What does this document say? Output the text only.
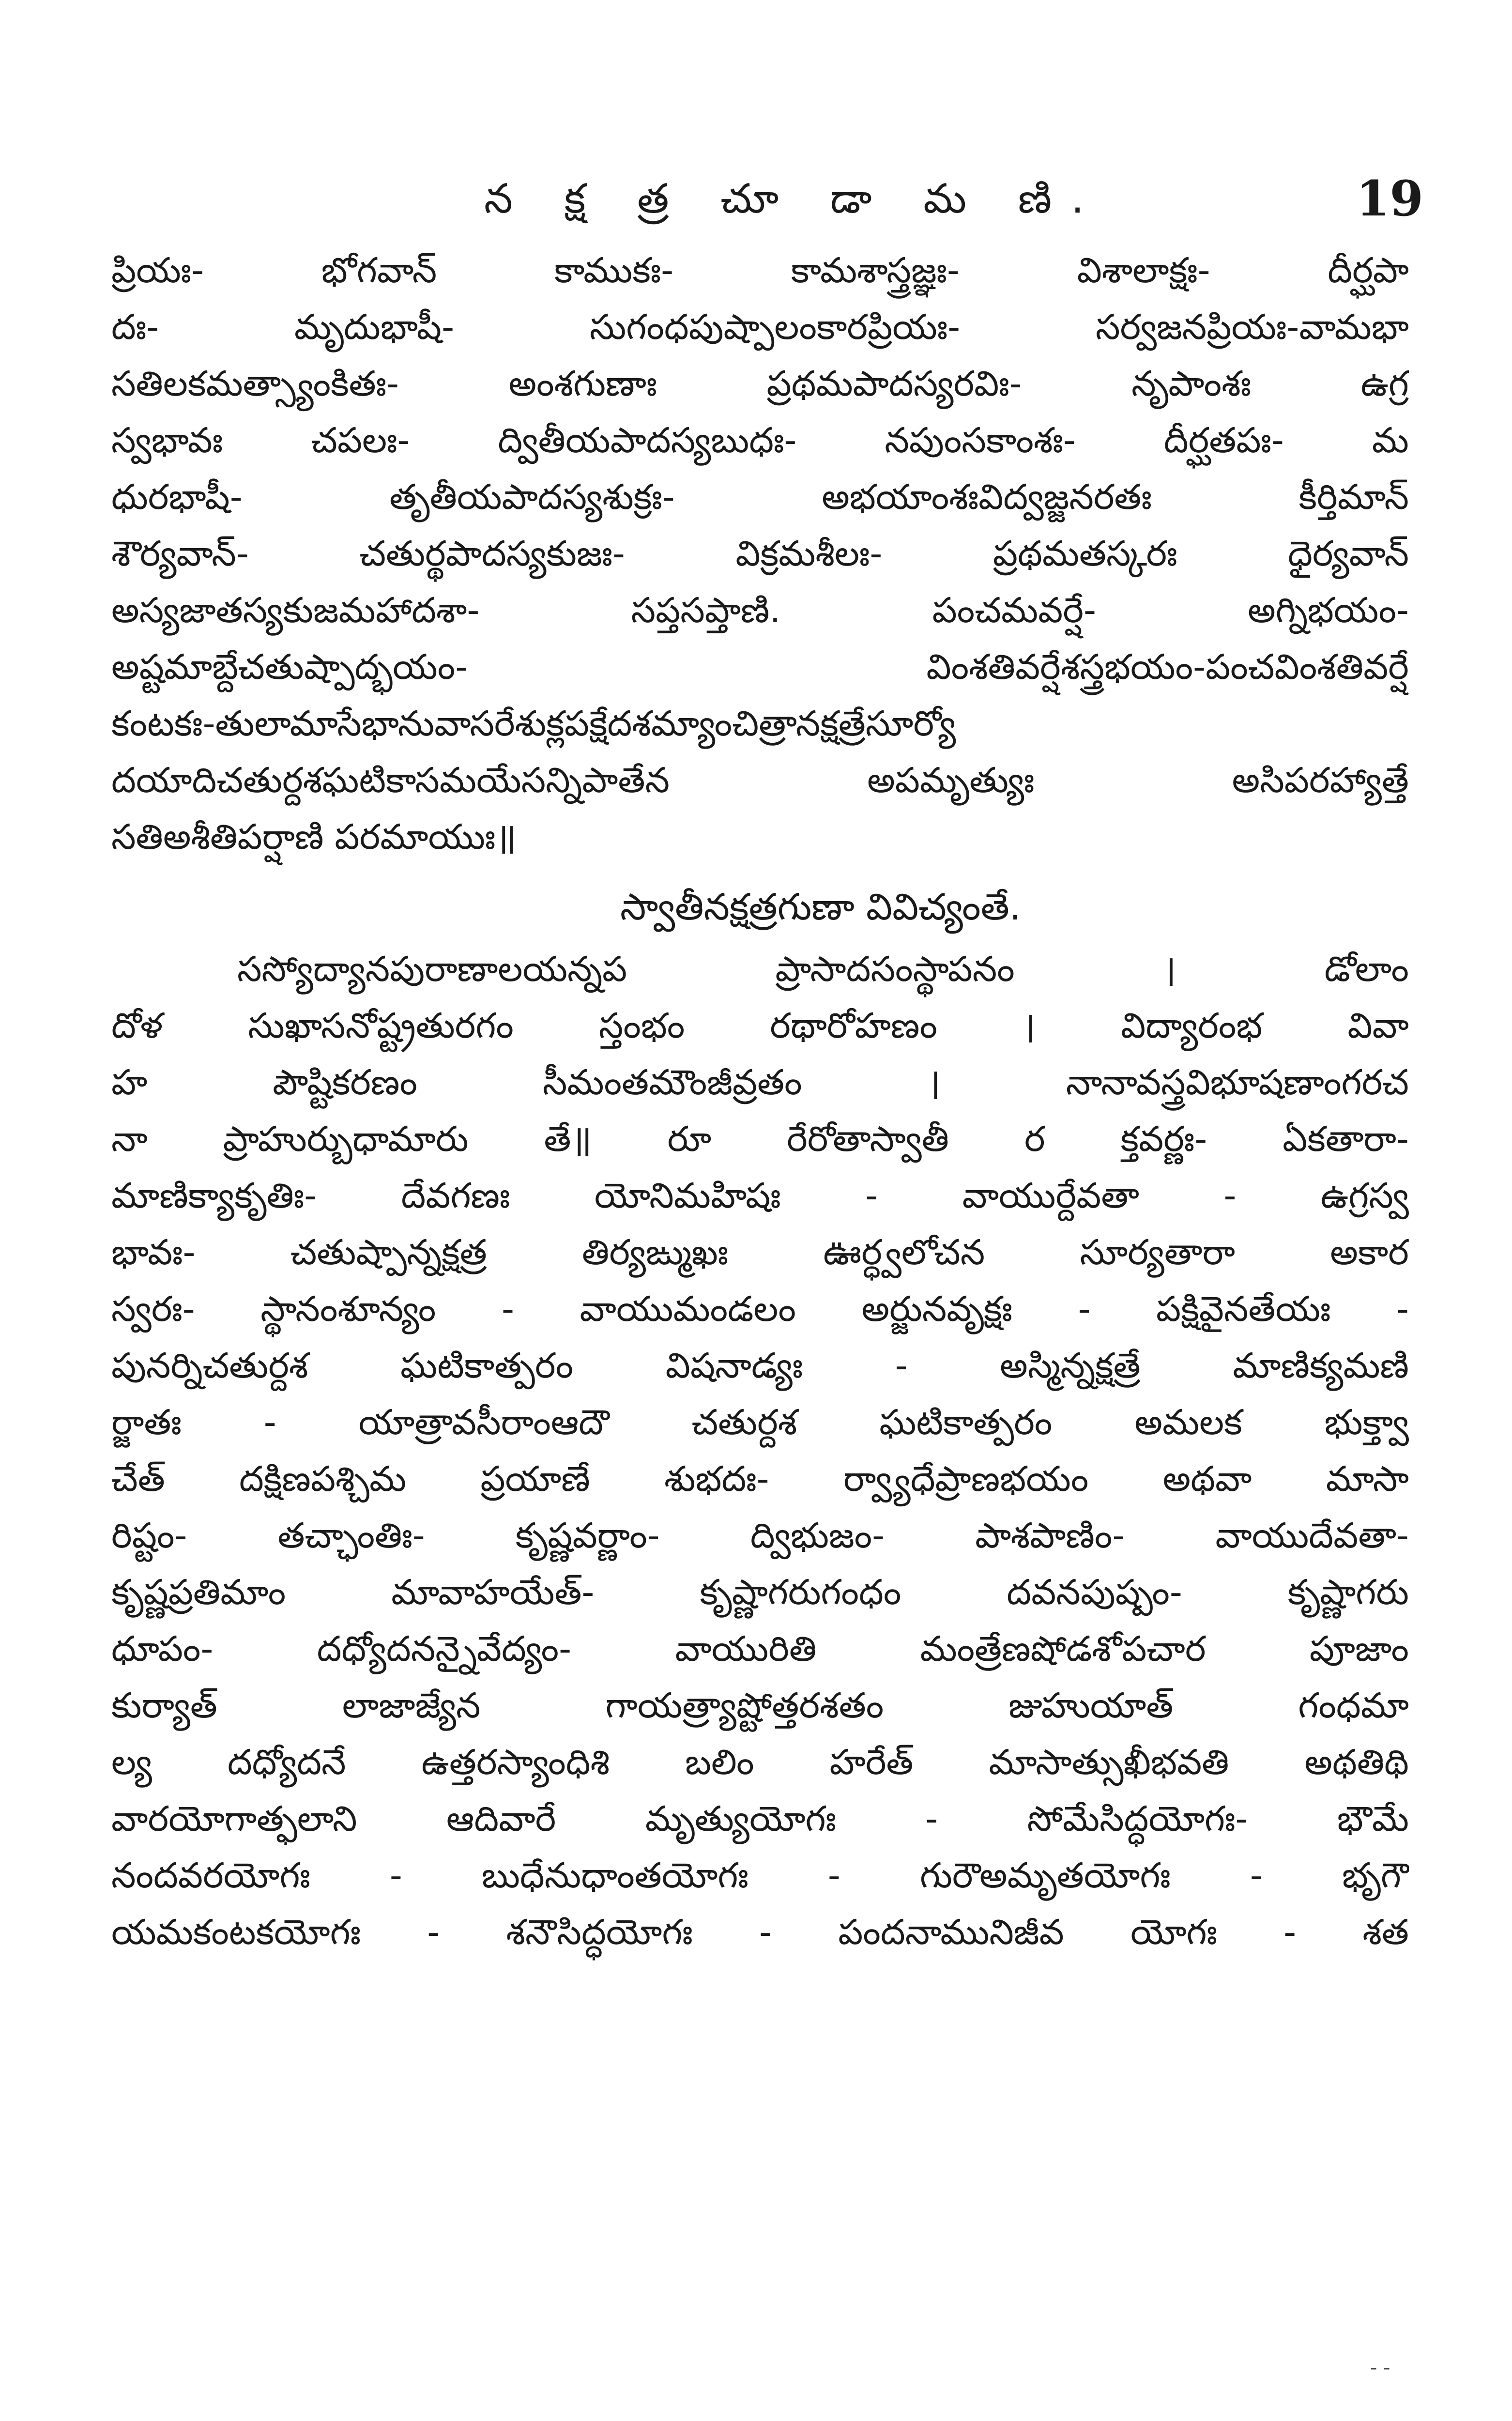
న క్ష త్ర చూ డా మ ణి.	19
ప్రియః- భోగవాన్ కాముకః- కామశాస్త్రజ్ఞః- విశాలాక్షః- దీర్ఘపా
దః- మృదుభాషీ- సుగంధపుష్పాలంకారప్రియః- సర్వజనప్రియః-వామభా
సతిలకమత్స్యాంకితః- అంశగుణాః ప్రథమపాదస్యరవిః- నృపాంశః ఉగ్ర
స్వభావః చపలః- ద్వితీయపాదస్యబుధః- నపుంసకాంశః- దీర్ఘతపః- మ
ధురభాషీ- తృతీయపాదస్యశుక్రః- అభయాంశఃవిద్వజ్జనరతః కీర్తిమాన్
శౌర్యవాన్- చతుర్థపాదస్యకుజః- విక్రమశీలః- ప్రథమతస్కరః ధైర్యవాన్
అస్యజాతస్యకుజమహాదశా- సప్తసప్తాణి. పంచమవర్షే- అగ్నిభయం-
అష్టమాబ్దేచతుష్పాద్భయం- వింశతివర్షేశస్త్రభయం-పంచవింశతివర్షే
కంటకః-తులామాసేభానువాసరేశుక్లపక్షేదశమ్యాంచిత్రానక్షత్రేసూర్యో
దయాదిచతుర్దశఘటికాసమయేసన్నిపాతేన అపమృత్యుః అసిపరహ్యాత్తే
సతిఅశీతిపర్షాణి పరమాయుః॥
స్వాతీనక్షత్రగుణా వివిచ్యంతే.
సస్యోద్యానపురాణాలయన్నప ప్రాసాదసంస్థాపనం । డోలాం
దోళ సుఖాసనోష్ట్రతురగం స్తంభం రథారోహణం । విద్యారంభ వివా
హ పౌష్టికరణం సీమంతమౌంజీవ్రతం । నానావస్త్రవిభూషణాంగరచ
నా ప్రాహుర్బుధామారు తే॥ రూ రేరోతాస్వాతీ ర క్తవర్ణః- ఏకతారా-
మాణిక్యాకృతిః- దేవగణః యోనిమహిషః - వాయుర్దేవతా - ఉగ్రస్వ
భావః- చతుష్పాన్నక్షత్ర తిర్యఙ్ముఖః ఊర్ధ్వలోచన సూర్యతారా అకార
స్వరః- స్థానంశూన్యం - వాయుమండలం అర్జునవృక్షః - పక్షివైనతేయః -
పునర్నిచతుర్దశ ఘటికాత్పరం విషనాడ్యః - అస్మిన్నక్షత్రే మాణిక్యమణి
ర్జాతః - యాత్రావసీరాంఆదౌ చతుర్దశ ఘటికాత్పరం అమలక భుక్త్వా
చేత్ దక్షిణపశ్చిమ ప్రయాణే శుభదః- ర్వ్యాధేప్రాణభయం అథవా మాసా
రిష్టం- తచ్ఛాంతిః- కృష్ణవర్ణాం- ద్విభుజం- పాశపాణిం- వాయుదేవతా-
కృష్ణప్రతిమాం మావాహయేత్- కృష్ణాగరుగంధం దవనపుష్పం- కృష్ణాగరు
ధూపం- దధ్యోదనన్నైవేద్యం- వాయురితి మంత్రేణషోడశోపచార పూజాం
కుర్యాత్ లాజాజ్యేన గాయత్ర్యాష్టోత్తరశతం జుహుయాత్ గంధమా
ల్య దధ్యోదనే ఉత్తరస్యాంధిశి బలిం హరేత్ మాసాత్సుఖీభవతి అథతిథి
వారయోగాత్ఫలాని ఆదివారే మృత్యుయోగః - సోమేసిద్ధయోగః- భౌమే
నందవరయోగః - బుధేనుధాంతయోగః - గురౌఅమృతయోగః - భృగౌ
యమకంటకయోగః - శనౌసిద్ధయోగః - పందనామునిజీవ యోగః - శత
- -
